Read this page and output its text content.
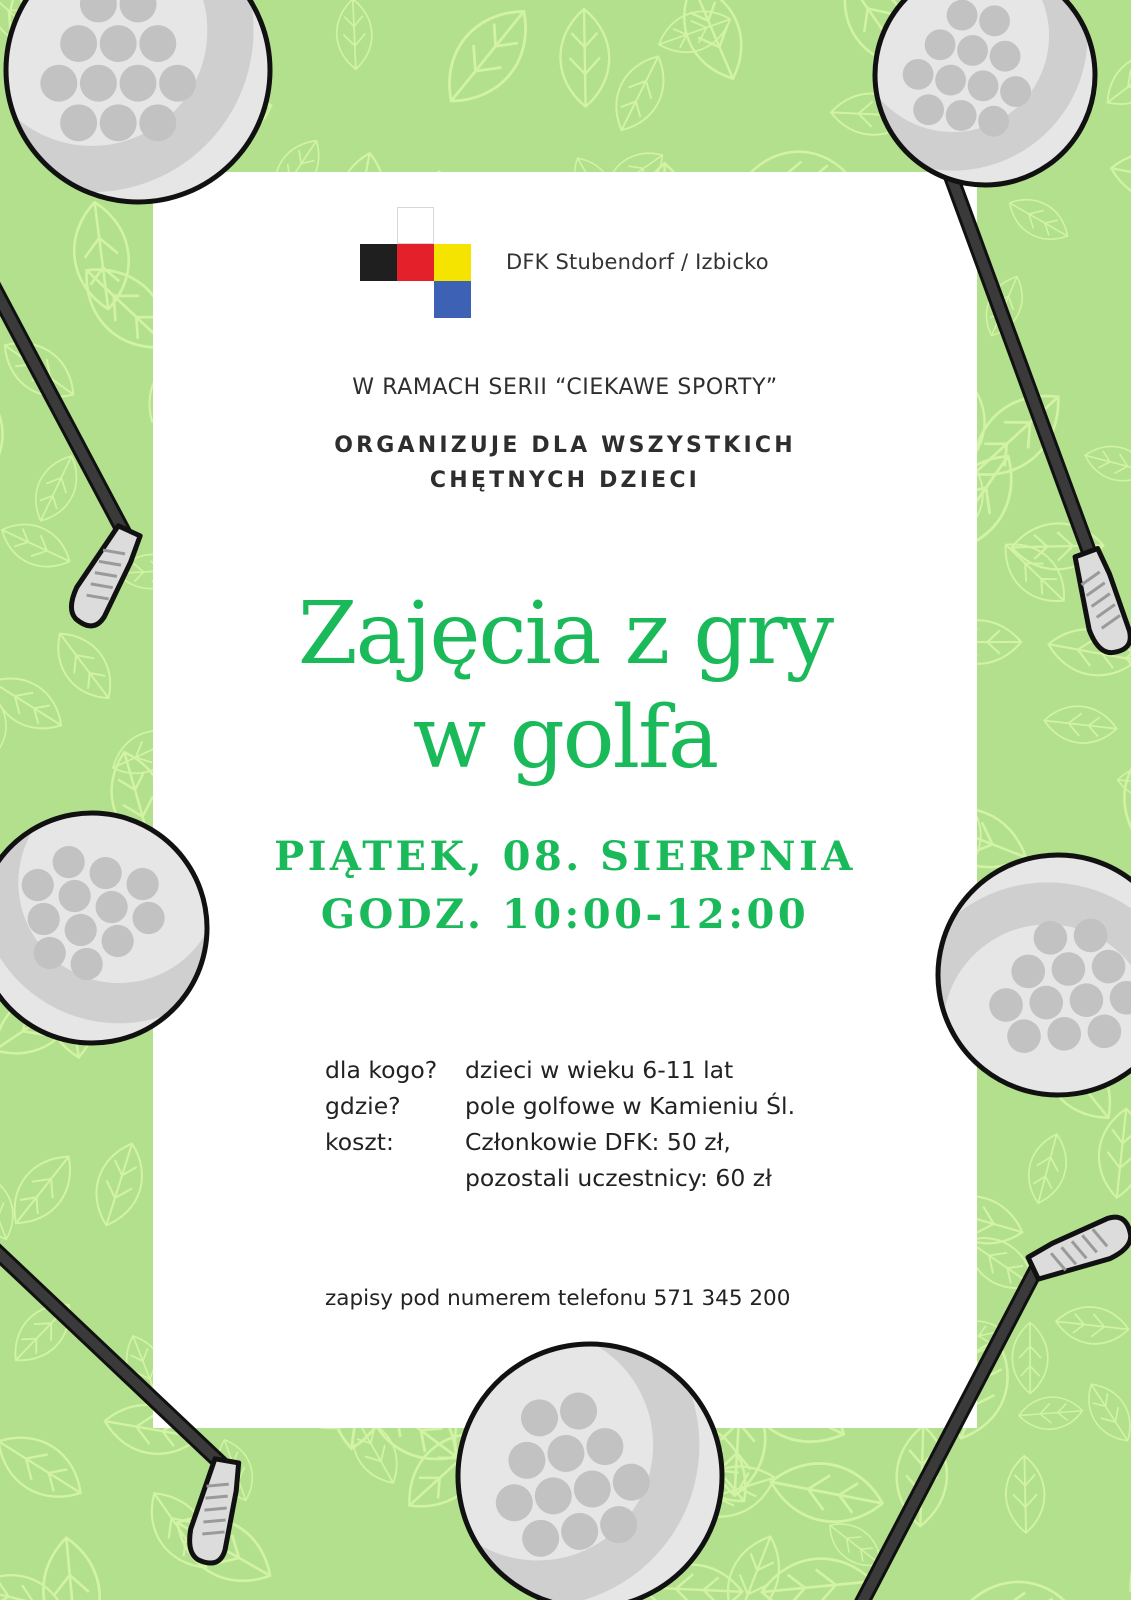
DFK Stubendorf / Izbicko
W RAMACH SERII “CIEKAWE SPORTY”
ORGANIZUJE DLA WSZYSTKICH
CHĘTNYCH DZIECI
Zajęcia z gry
w golfa
PIĄTEK, 08. SIERPNIA
GODZ. 10:00-12:00
dla kogo?	dzieci w wieku 6-11 lat
gdzie?	pole golfowe w Kamieniu Śl.
koszt:	Członkowie DFK: 50 zł,
pozostali uczestnicy: 60 zł
zapisy pod numerem telefonu 571 345 200
